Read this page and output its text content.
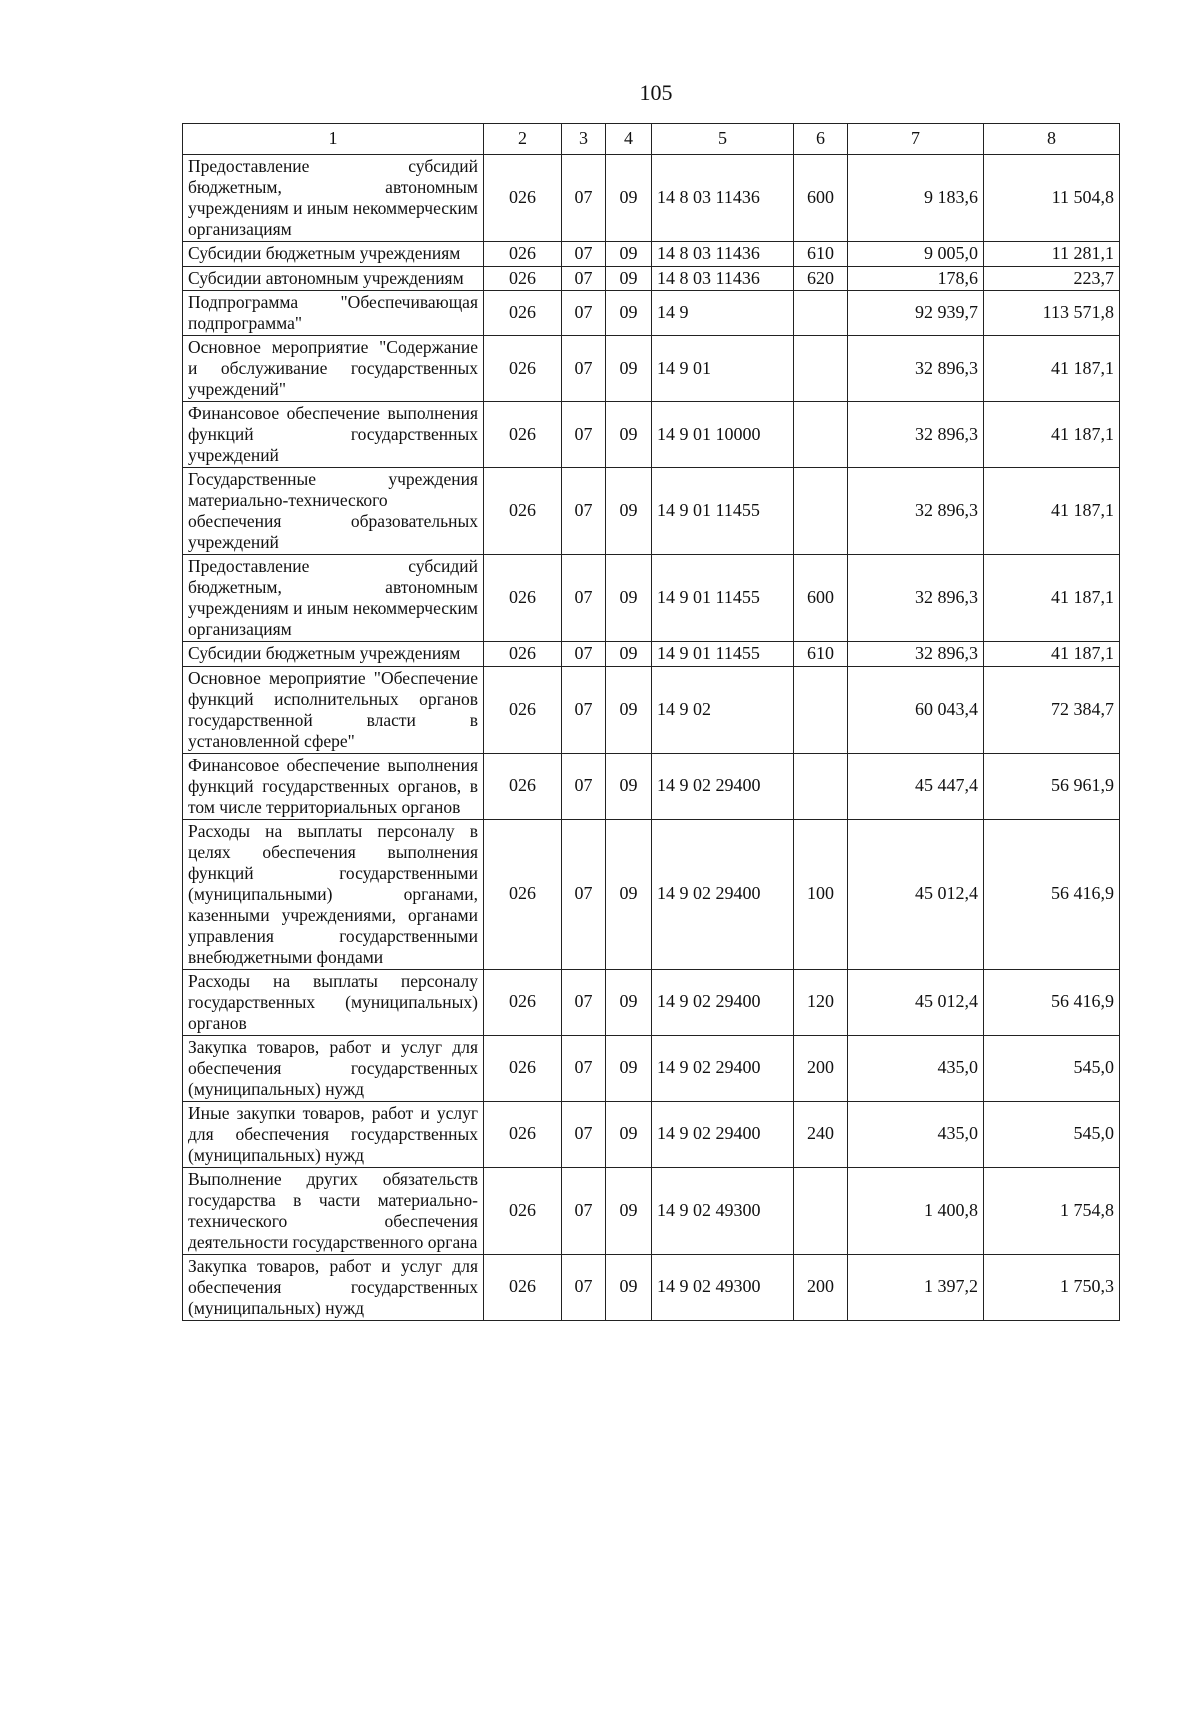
105
1	2	3	4	5	6	7	8
Предоставление субсидий бюджетным, автономным учреждениям и иным некоммерческим организациям	026	07	09	14 8 03 11436	600	9 183,6	11 504,8
Субсидии бюджетным учреждениям	026	07	09	14 8 03 11436	610	9 005,0	11 281,1
Субсидии автономным учреждениям	026	07	09	14 8 03 11436	620	178,6	223,7
Подпрограмма "Обеспечивающая подпрограмма"	026	07	09	14 9		92 939,7	113 571,8
Основное мероприятие "Содержание и обслуживание государственных учреждений"	026	07	09	14 9 01		32 896,3	41 187,1
Финансовое обеспечение выполнения функций государственных учреждений	026	07	09	14 9 01 10000		32 896,3	41 187,1
Государственные учреждения материально-технического обеспечения образовательных учреждений	026	07	09	14 9 01 11455		32 896,3	41 187,1
Предоставление субсидий бюджетным, автономным учреждениям и иным некоммерческим организациям	026	07	09	14 9 01 11455	600	32 896,3	41 187,1
Субсидии бюджетным учреждениям	026	07	09	14 9 01 11455	610	32 896,3	41 187,1
Основное мероприятие "Обеспечение функций исполнительных органов государственной власти в установленной сфере"	026	07	09	14 9 02		60 043,4	72 384,7
Финансовое обеспечение выполнения функций государственных органов, в том числе территориальных органов	026	07	09	14 9 02 29400		45 447,4	56 961,9
Расходы на выплаты персоналу в целях обеспечения выполнения функций государственными (муниципальными) органами, казенными учреждениями, органами управления государственными внебюджетными фондами	026	07	09	14 9 02 29400	100	45 012,4	56 416,9
Расходы на выплаты персоналу государственных (муниципальных) органов	026	07	09	14 9 02 29400	120	45 012,4	56 416,9
Закупка товаров, работ и услуг для обеспечения государственных (муниципальных) нужд	026	07	09	14 9 02 29400	200	435,0	545,0
Иные закупки товаров, работ и услуг для обеспечения государственных (муниципальных) нужд	026	07	09	14 9 02 29400	240	435,0	545,0
Выполнение других обязательств государства в части материально-технического обеспечения деятельности государственного органа	026	07	09	14 9 02 49300		1 400,8	1 754,8
Закупка товаров, работ и услуг для обеспечения государственных (муниципальных) нужд	026	07	09	14 9 02 49300	200	1 397,2	1 750,3
